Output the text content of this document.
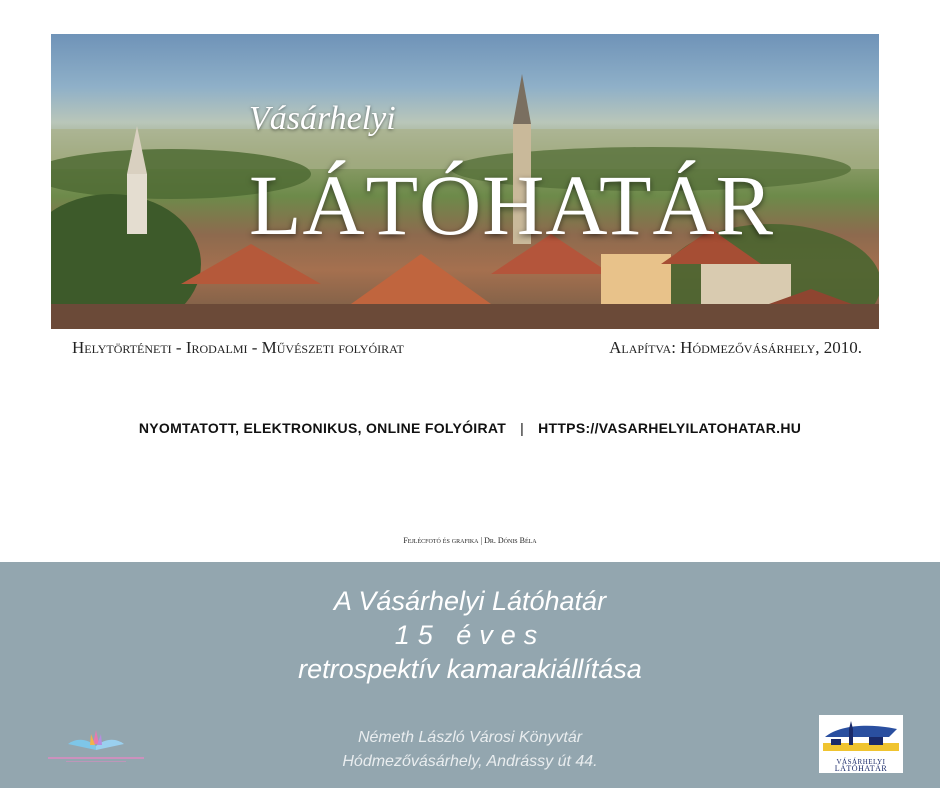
Vásárhelyi
LÁTÓHATÁR
Helytörténeti - Irodalmi - Művészeti folyóirat	Alapítva: Hódmezővásárhely, 2010.
NYOMTATOTT, ELEKTRONIKUS, ONLINE FOLYÓIRAT | HTTPS://VASARHELYILATOHATAR.HU
Fejlécfotó és grafika | Dr. Dónis Béla
A Vásárhelyi Látóhatár
15 éves
retrospektív kamarakiállítása
Németh László Városi Könyvtár
Hódmezővásárhely, Andrássy út 44.	VÁSÁRHELYI
LÁTÓHATÁR
